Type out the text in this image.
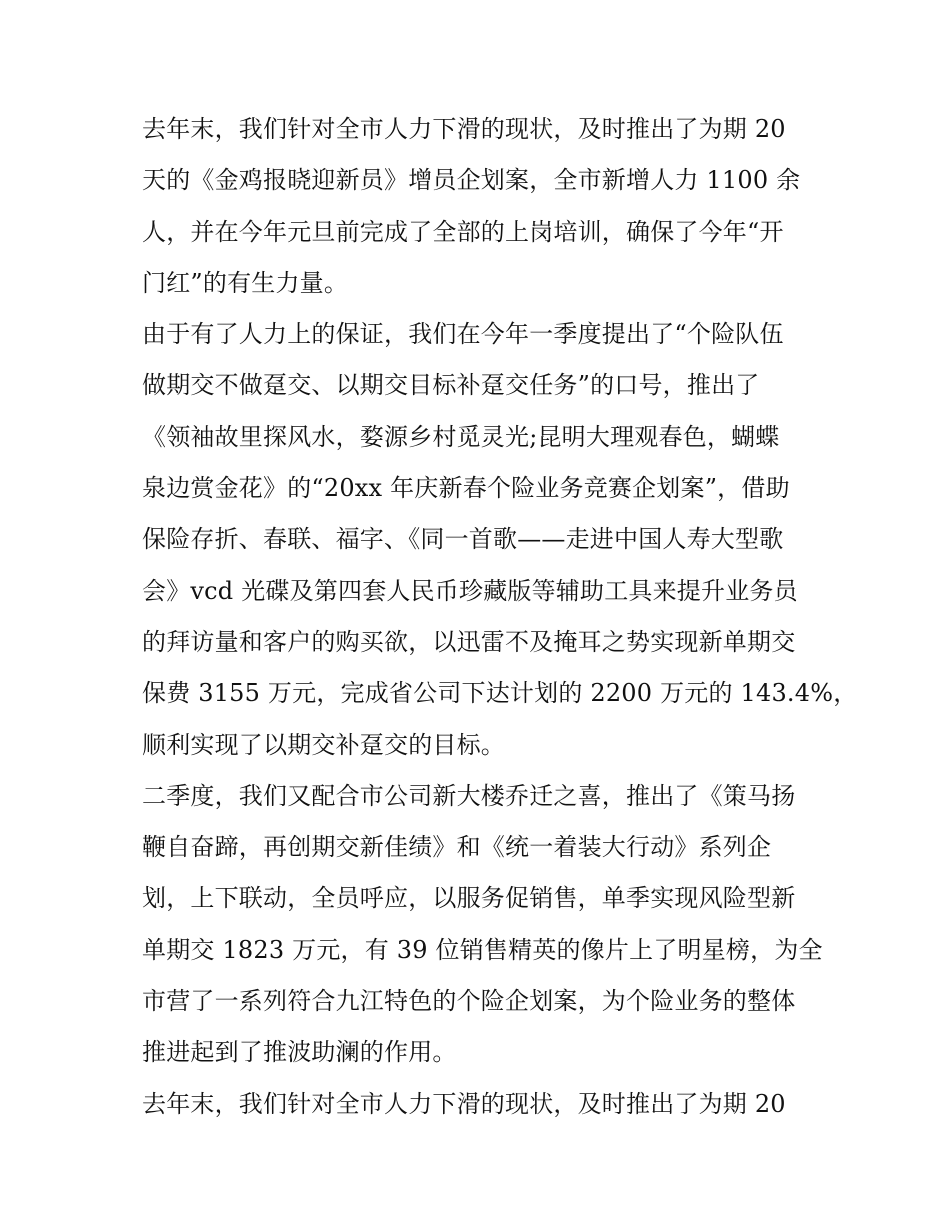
去年末，我们针对全市人力下滑的现状，及时推出了为期 20
天的《金鸡报晓迎新员》增员企划案，全市新增人力 1100 余
人，并在今年元旦前完成了全部的上岗培训，确保了今年“开
门红”的有生力量。
由于有了人力上的保证，我们在今年一季度提出了“个险队伍
做期交不做趸交、以期交目标补趸交任务”的口号，推出了
《领袖故里探风水，婺源乡村觅灵光;昆明大理观春色，蝴蝶
泉边赏金花》的“20xx 年庆新春个险业务竞赛企划案”，借助
保险存折、春联、福字、《同一首歌——走进中国人寿大型歌
会》vcd 光碟及第四套人民币珍藏版等辅助工具来提升业务员
的拜访量和客户的购买欲，以迅雷不及掩耳之势实现新单期交
保费 3155 万元，完成省公司下达计划的 2200 万元的 143.4%，
顺利实现了以期交补趸交的目标。
二季度，我们又配合市公司新大楼乔迁之喜，推出了《策马扬
鞭自奋蹄，再创期交新佳绩》和《统一着装大行动》系列企
划，上下联动，全员呼应，以服务促销售，单季实现风险型新
单期交 1823 万元，有 39 位销售精英的像片上了明星榜，为全
市营了一系列符合九江特色的个险企划案，为个险业务的整体
推进起到了推波助澜的作用。
去年末，我们针对全市人力下滑的现状，及时推出了为期 20
